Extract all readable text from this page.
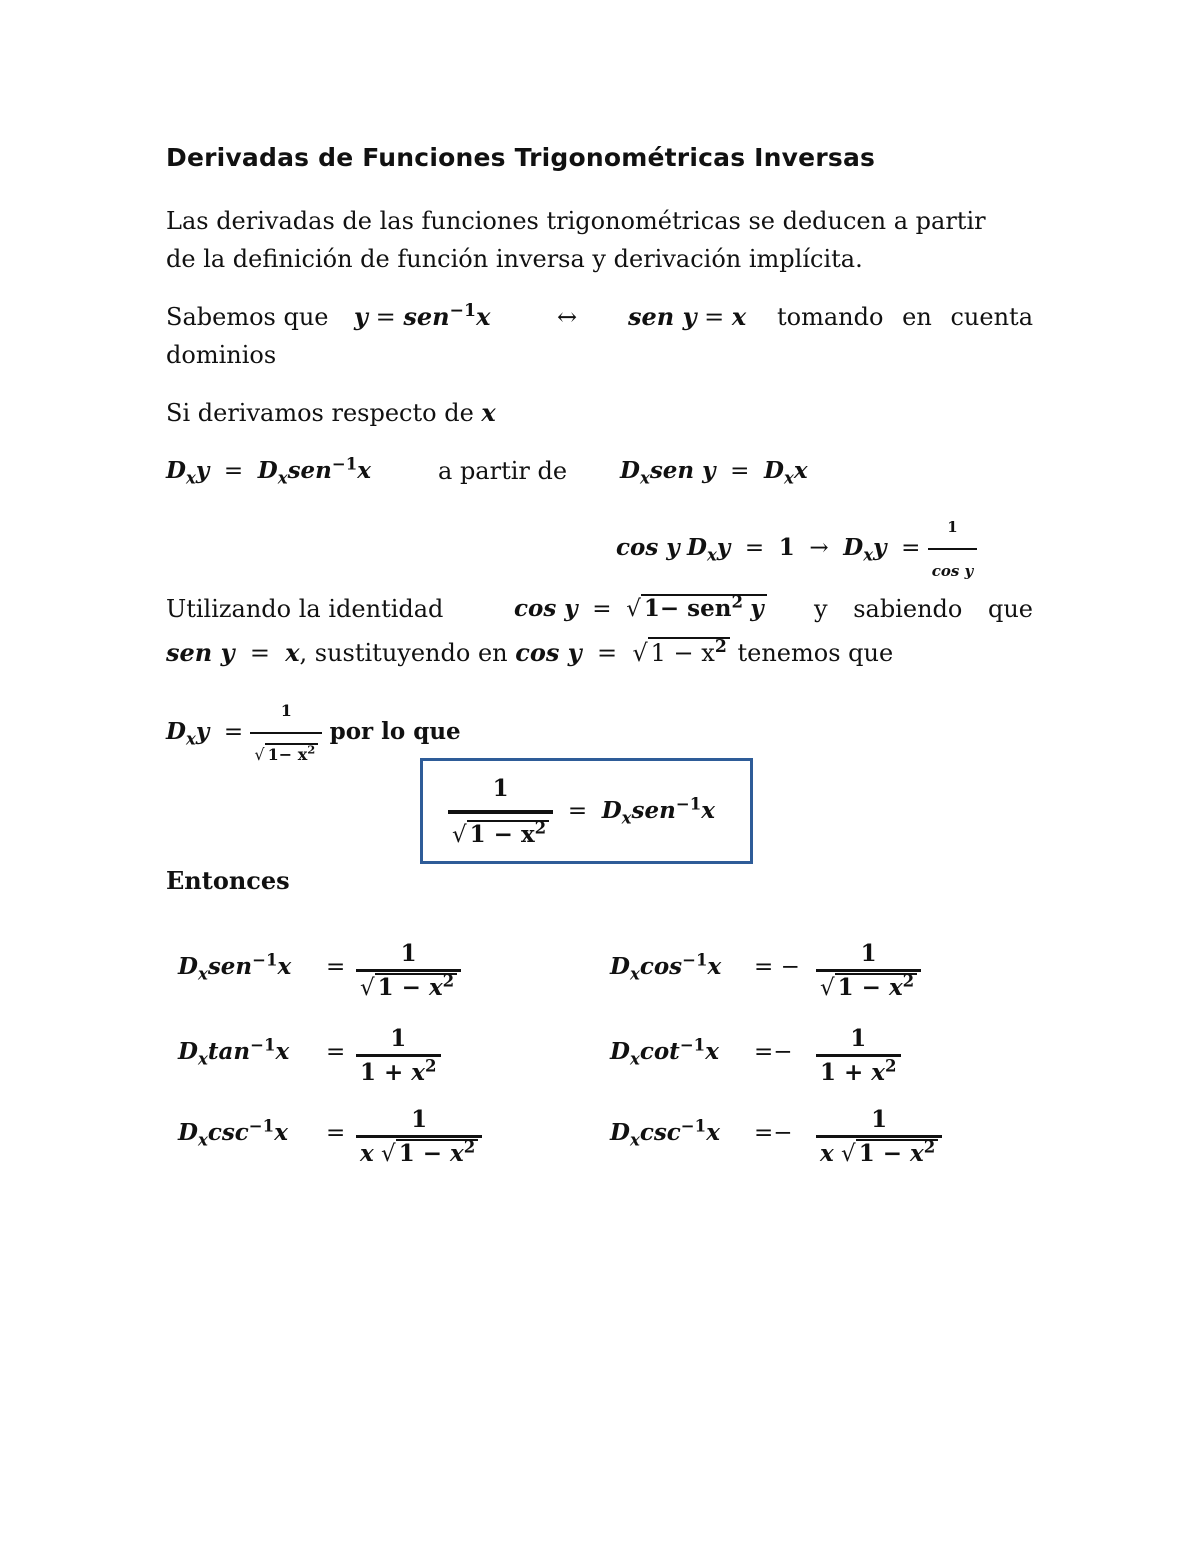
Derivadas de Funciones Trigonométricas Inversas
Las derivadas de las funciones trigonométricas se deducen a partir
de la definición de función inversa y derivación implícita.
Sabemos que y = sen$^{-1}$x	↔ sen y = x tomando en cuenta
dominios
Si derivamos respecto de x
$D_xy = D_xsen^{-1}x$	a partir de $D_xsen$ $y = D_xx$
cos y $D_xy = 1 \to D_xy = \frac{1}{\text{cos y}}$
Utilizando la identidad	cos y = √ 1− sen$^2$ y y sabiendo que
sen y = x, sustituyendo en cos y = √ $1 - x^2$ tenemos que
$D_xy = \frac{1}{√ 1- x^2}$ por lo que
$\frac{1}{√ 1 - x^2} = D_xsen^{-1}x$
Entonces
$D_xsen^{-1}x = \frac{1}{√ 1 - x^2}$	$D_x\cos^{-1}x$ = − $\frac{1}{√ 1 - x^2}$
$D_x\tan^{-1}x = \frac{1}{1 + x^2}$	$D_x\cot^{-1}x =- \frac{1}{1 + x^2}$
$D_x\csc^{-1}x = \frac{1}{x √ 1 - x^2}$	$D_x\csc^{-1}x =- \frac{1}{x √ 1 - x^2}$
